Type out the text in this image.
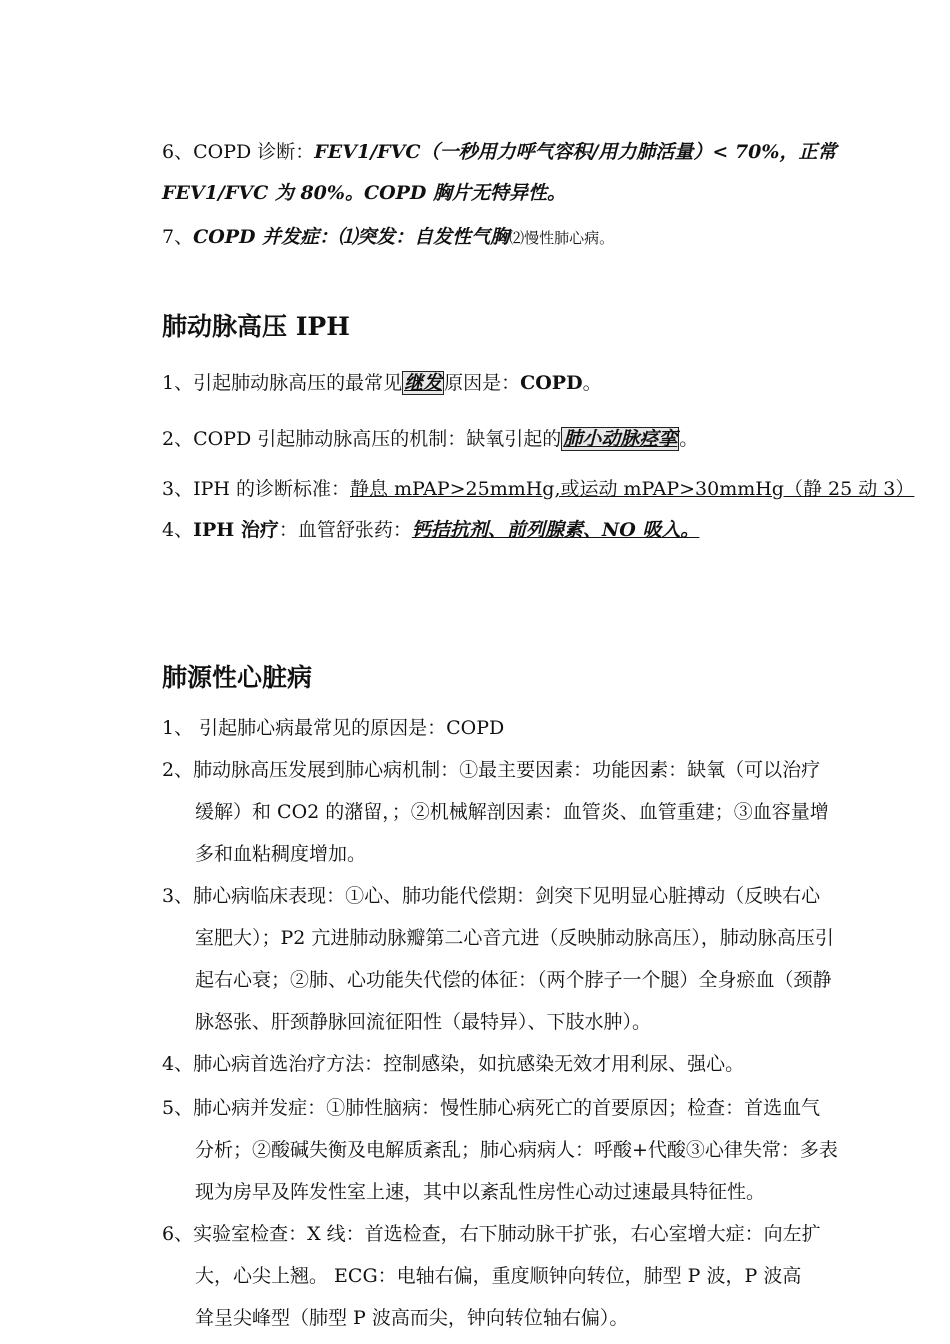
6、COPD 诊断：FEV1/FVC（一秒用力呼气容积/用力肺活量）< 70%，正常
FEV1/FVC 为 80%。COPD 胸片无特异性。
7、COPD 并发症：⑴突发：自发性气胸⑵慢性肺心病。
肺动脉高压 IPH
1、引起肺动脉高压的最常见 继发 原因是：COPD。
2、COPD 引起肺动脉高压的机制：缺氧引起的 肺小动脉痉挛 。
3、IPH 的诊断标准：静息 mPAP>25mmHg,或运动 mPAP>30mmHg（静 25 动 3）
4、IPH 治疗：血管舒张药：钙拮抗剂、前列腺素、NO 吸入。
肺源性心脏病
1、 引起肺心病最常见的原因是：COPD
2、肺动脉高压发展到肺心病机制：①最主要因素：功能因素：缺氧（可以治疗
缓解）和 CO2 的潴留，；②机械解剖因素：血管炎、血管重建；③血容量增
多和血粘稠度增加。
3、肺心病临床表现：①心、肺功能代偿期：剑突下见明显心脏搏动（反映右心
室肥大）；P2 亢进肺动脉瓣第二心音亢进（反映肺动脉高压），肺动脉高压引
起右心衰；②肺、心功能失代偿的体征：（两个脖子一个腿）全身瘀血（颈静
脉怒张、肝颈静脉回流征阳性（最特异）、下肢水肿）。
4、肺心病首选治疗方法：控制感染，如抗感染无效才用利尿、强心。
5、肺心病并发症：①肺性脑病：慢性肺心病死亡的首要原因；检查：首选血气
分析；②酸碱失衡及电解质紊乱；肺心病病人：呼酸+代酸③心律失常：多表
现为房早及阵发性室上速，其中以紊乱性房性心动过速最具特征性。
6、实验室检查：X 线：首选检查，右下肺动脉干扩张，右心室增大症：向左扩
大，心尖上翘。 ECG：电轴右偏，重度顺钟向转位，肺型 P 波，P 波高
耸呈尖峰型（肺型 P 波高而尖，钟向转位轴右偏）。
